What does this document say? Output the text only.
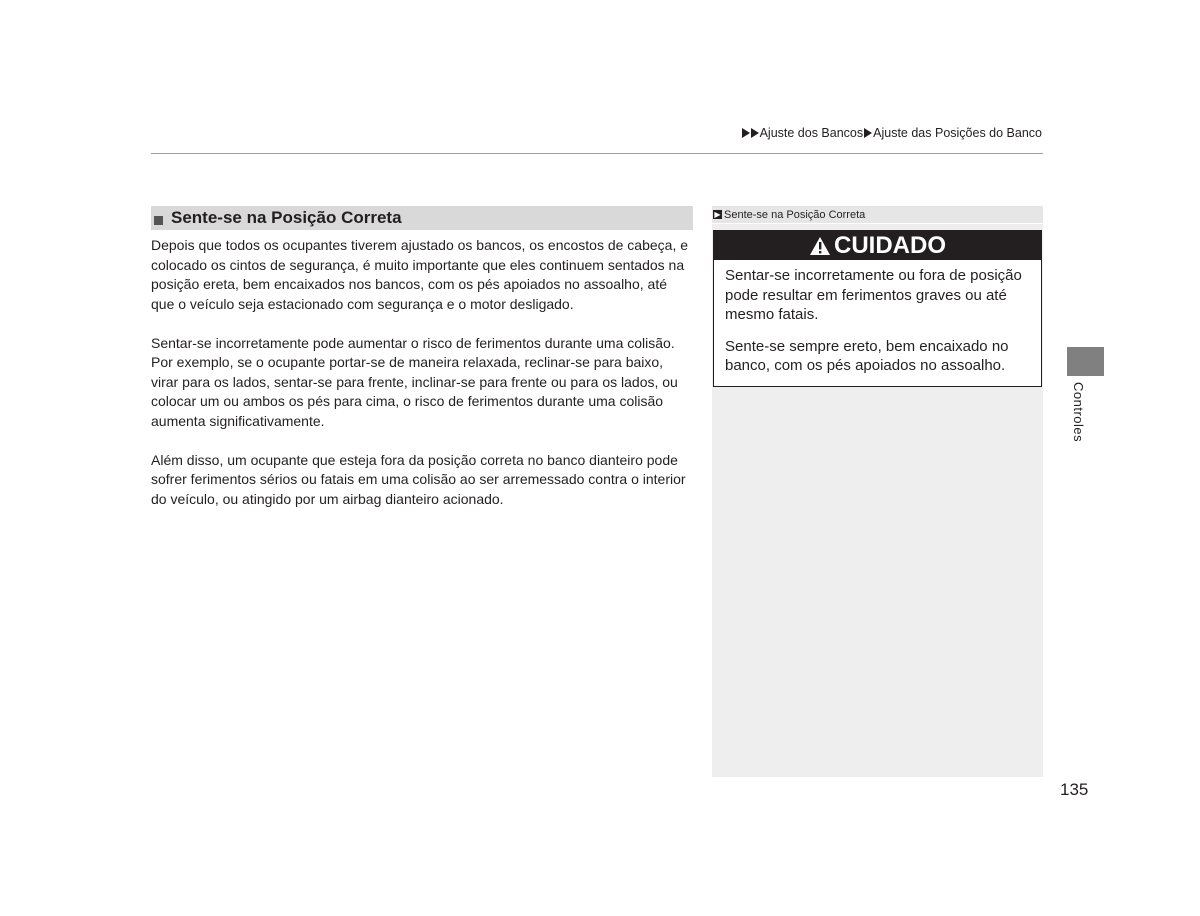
Ajuste dos Bancos Ajuste das Posições do Banco
Sente-se na Posição Correta

Depois que todos os ocupantes tiverem ajustado os bancos, os encostos de cabeça, e colocado os cintos de segurança, é muito importante que eles continuem sentados na posição ereta, bem encaixados nos bancos, com os pés apoiados no assoalho, até que o veículo seja estacionado com segurança e o motor desligado.

Sentar-se incorretamente pode aumentar o risco de ferimentos durante uma colisão. Por exemplo, se o ocupante portar-se de maneira relaxada, reclinar-se para baixo, virar para os lados, sentar-se para frente, inclinar-se para frente ou para os lados, ou colocar um ou ambos os pés para cima, o risco de ferimentos durante uma colisão aumenta significativamente.

Além disso, um ocupante que esteja fora da posição correta no banco dianteiro pode sofrer ferimentos sérios ou fatais em uma colisão ao ser arremessado contra o interior do veículo, ou atingido por um airbag dianteiro acionado.

▶ Sente-se na Posição Correta
CUIDADO

Sentar-se incorretamente ou fora de posição pode resultar em ferimentos graves ou até mesmo fatais.

Sente-se sempre ereto, bem encaixado no banco, com os pés apoiados no assoalho.

Controles
135
